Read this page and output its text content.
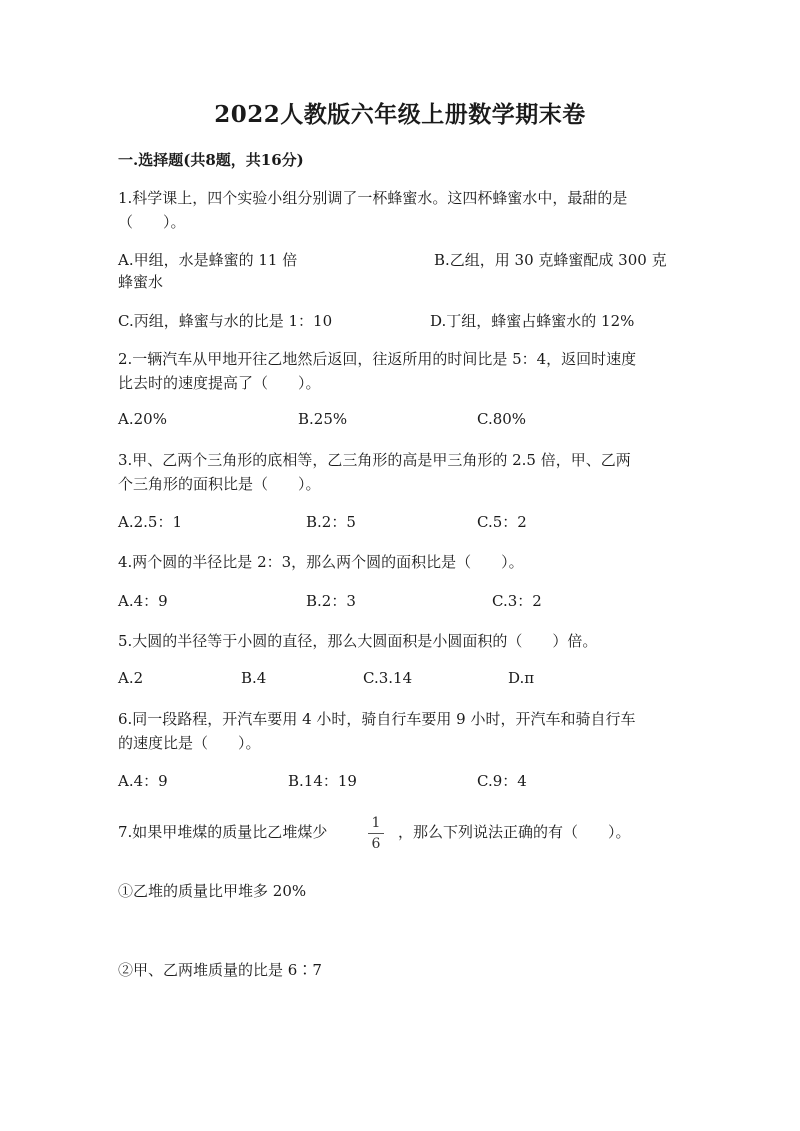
2022人教版六年级上册数学期末卷
一.选择题(共8题，共16分)
1.科学课上，四个实验小组分别调了一杯蜂蜜水。这四杯蜂蜜水中，最甜的是
（　　）。
A.甲组，水是蜂蜜的 11 倍	B.乙组，用 30 克蜂蜜配成 300 克
蜂蜜水
C.丙组，蜂蜜与水的比是 1：10	D.丁组，蜂蜜占蜂蜜水的 12%
2.一辆汽车从甲地开往乙地然后返回，往返所用的时间比是 5：4，返回时速度
比去时的速度提高了（　　）。
A.20%	B.25%	C.80%
3.甲、乙两个三角形的底相等，乙三角形的高是甲三角形的 2.5 倍，甲、乙两
个三角形的面积比是（　　）。
A.2.5：1	B.2：5	C.5：2
4.两个圆的半径比是 2：3，那么两个圆的面积比是（　　）。
A.4：9	B.2：3	C.3：2
5.大圆的半径等于小圆的直径，那么大圆面积是小圆面积的（　　）倍。
A.2	B.4	C.3.14	D.π
6.同一段路程，开汽车要用 4 小时，骑自行车要用 9 小时，开汽车和骑自行车
的速度比是（　　）。
A.4：9	B.14：19	C.9：4
7.如果甲堆煤的质量比乙堆煤少	1
6
，那么下列说法正确的有（　　）。
①乙堆的质量比甲堆多 20%
②甲、乙两堆质量的比是 6∶7
